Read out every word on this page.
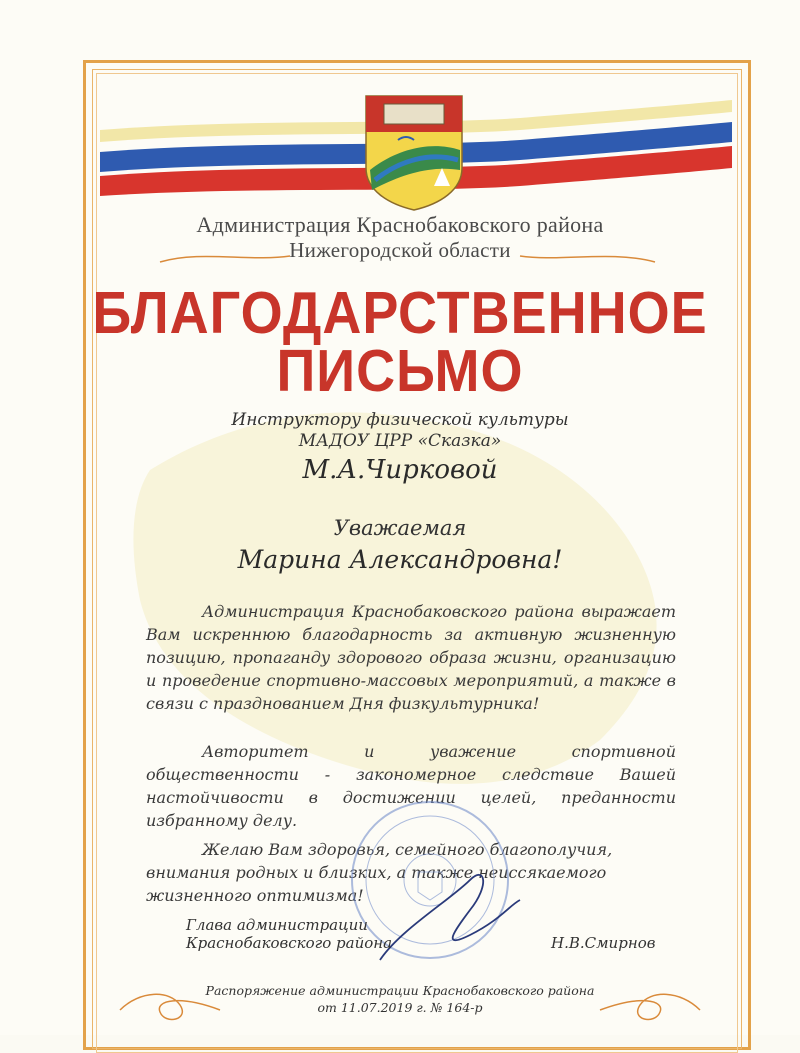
Администрация Краснобаковского района

Нижегородской области

БЛАГОДАРСТВЕННОЕ

ПИСЬМО

Инструктору физической культуры

МАДОУ ЦРР «Сказка»

М.А.Чирковой

Уважаемая

Марина Александровна!

Администрация Краснобаковского района выражает Вам искреннюю благодарность за активную жизненную позицию, пропаганду здорового образа жизни, организацию и проведение спортивно-массовых мероприятий, а также в связи с празднованием Дня физкультурника!

Авторитет и уважение спортивной общественности - закономерное следствие Вашей настойчивости в достижении целей, преданности избранному делу.

Желаю Вам здоровья, семейного благополучия, внимания родных и близких, а также неиссякаемого жизненного оптимизма!

Глава администрации

Краснобаковского района	Н.В.Смирнов

Распоряжение администрации Краснобаковского района

от 11.07.2019 г. № 164-р
